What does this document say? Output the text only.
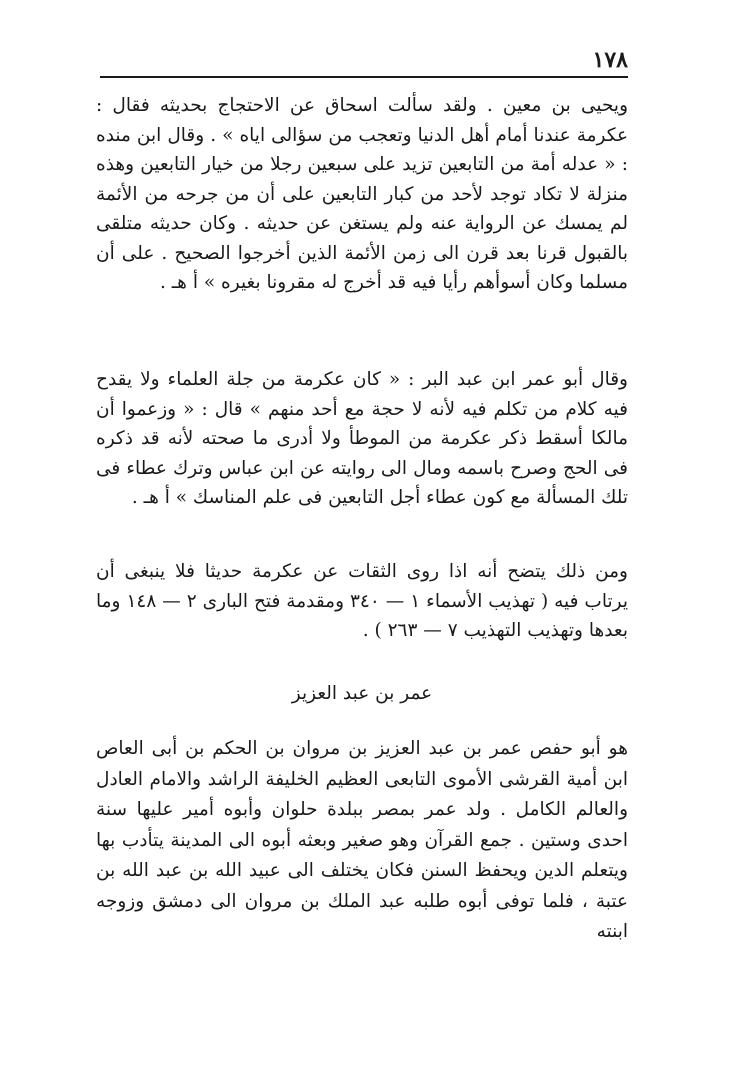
١٧٨

ويحيى بن معين . ولقد سألت اسحاق عن الاحتجاج بحديثه فقال : عكرمة عندنا أمام أهل الدنيا وتعجب من سؤالى اياه » . وقال ابن منده : « عدله أمة من التابعين تزيد على سبعين رجلا من خيار التابعين وهذه منزلة لا تكاد توجد لأحد من كبار التابعين على أن من جرحه من الأئمة لم يمسك عن الرواية عنه ولم يستغن عن حديثه . وكان حديثه متلقى بالقبول قرنا بعد قرن الى زمن الأئمة الذين أخرجوا الصحيح . على أن مسلما وكان أسوأهم رأيا فيه قد أخرج له مقرونا بغيره » أ هـ .

وقال أبو عمر ابن عبد البر : « كان عكرمة من جلة العلماء ولا يقدح فيه كلام من تكلم فيه لأنه لا حجة مع أحد منهم » قال : « وزعموا أن مالكا أسقط ذكر عكرمة من الموطأ ولا أدرى ما صحته لأنه قد ذكره فى الحج وصرح باسمه ومال الى روايته عن ابن عباس وترك عطاء فى تلك المسألة مع كون عطاء أجل التابعين فى علم المناسك » أ هـ .

ومن ذلك يتضح أنه اذا روى الثقات عن عكرمة حديثا فلا ينبغى أن يرتاب فيه ( تهذيب الأسماء ١ — ٣٤٠ ومقدمة فتح البارى ٢ — ١٤٨ وما بعدها وتهذيب التهذيب ٧ — ٢٦٣ ) .

عمر بن عبد العزيز

هو أبو حفص عمر بن عبد العزيز بن مروان بن الحكم بن أبى العاص ابن أمية القرشى الأموى التابعى العظيم الخليفة الراشد والامام العادل والعالم الكامل . ولد عمر بمصر ببلدة حلوان وأبوه أمير عليها سنة احدى وستين . جمع القرآن وهو صغير وبعثه أبوه الى المدينة يتأدب بها ويتعلم الدين ويحفظ السنن فكان يختلف الى عبيد الله بن عبد الله بن عتبة ، فلما توفى أبوه طلبه عبد الملك بن مروان الى دمشق وزوجه ابنته
